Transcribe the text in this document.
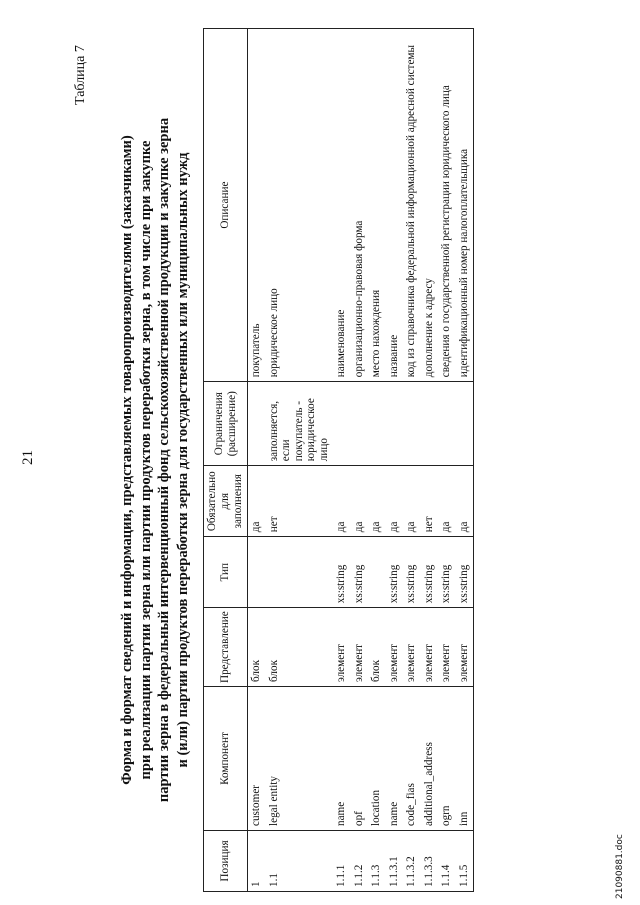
21
Таблица 7
Форма и формат сведений и информации, представляемых товаропроизводителями (заказчиками) при реализации партии зерна или партии продуктов переработки зерна, в том числе при закупке партии зерна в федеральный интервенционный фонд сельскохозяйственной продукции и закупке зерна и (или) партии продуктов переработки зерна для государственных или муниципальных нужд
Позиция	Компонент	Представление	Тип	Обязательно для заполнения	Ограничения (расширение)	Описание
1	customer	блок		да		покупатель
1.1	legal entity	блок		нет	заполняется, если покупатель - юридическое лицо	юридическое лицо
1.1.1	name	элемент	xs:string	да		наименование
1.1.2	opf	элемент	xs:string	да		организационно-правовая форма
1.1.3	location	блок		да		место нахождения
1.1.3.1	name	элемент	xs:string	да		название
1.1.3.2	code_fias	элемент	xs:string	да		код из справочника федеральной информационной адресной системы
1.1.3.3	additional_address	элемент	xs:string	нет		дополнение к адресу
1.1.4	ogrn	элемент	xs:string	да		сведения о государственной регистрации юридического лица
1.1.5	inn	элемент	xs:string	да		идентификационный номер налогоплательщика
21090881.doc
